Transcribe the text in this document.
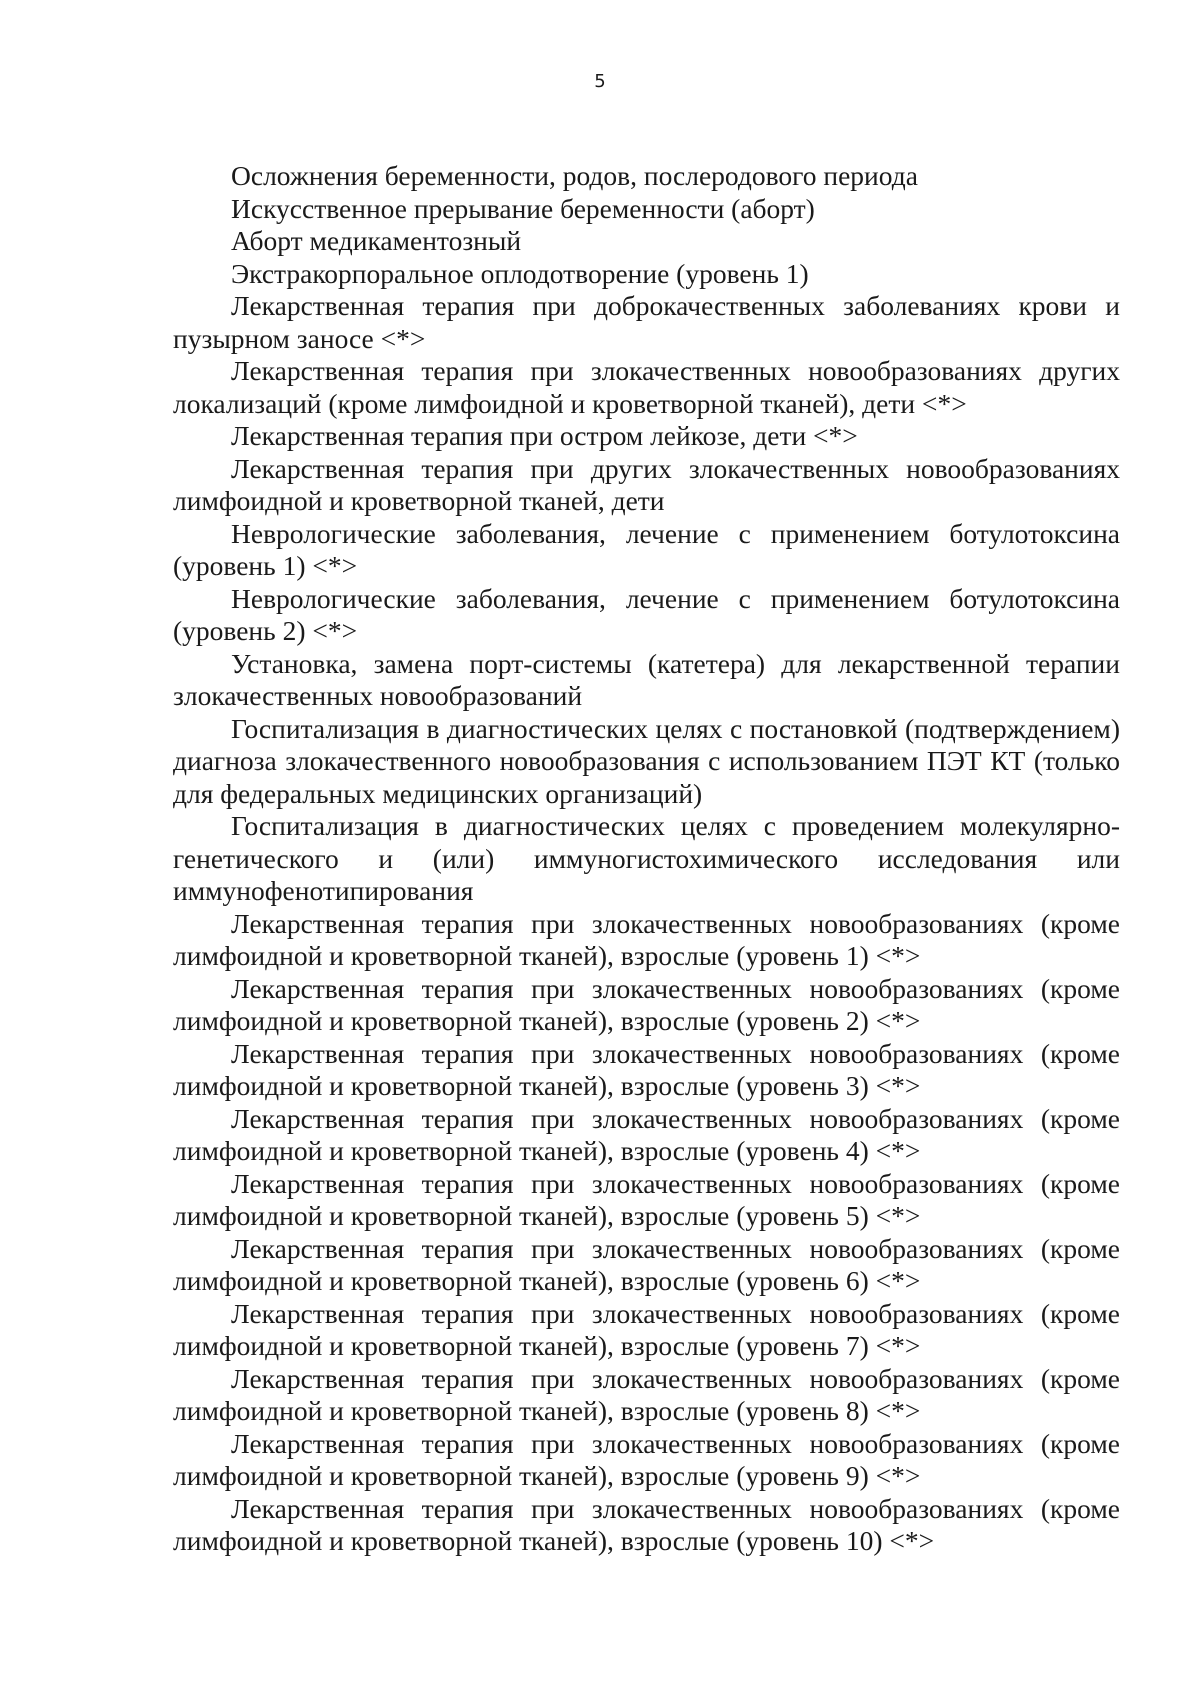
5

Осложнения беременности, родов, послеродового периода

Искусственное прерывание беременности (аборт)

Аборт медикаментозный

Экстракорпоральное оплодотворение (уровень 1)

Лекарственная терапия при доброкачественных заболеваниях крови и пузырном заносе <*>

Лекарственная терапия при злокачественных новообразованиях других локализаций (кроме лимфоидной и кроветворной тканей), дети <*>

Лекарственная терапия при остром лейкозе, дети <*>

Лекарственная терапия при других злокачественных новообразованиях лимфоидной и кроветворной тканей, дети

Неврологические заболевания, лечение с применением ботулотоксина (уровень 1) <*>

Неврологические заболевания, лечение с применением ботулотоксина (уровень 2) <*>

Установка, замена порт-системы (катетера) для лекарственной терапии злокачественных новообразований

Госпитализация в диагностических целях с постановкой (подтверждением) диагноза злокачественного новообразования с использованием ПЭТ КТ (только для федеральных медицинских организаций)

Госпитализация в диагностических целях с проведением молекулярно-генетического и (или) иммуногистохимического исследования или иммунофенотипирования

Лекарственная терапия при злокачественных новообразованиях (кроме лимфоидной и кроветворной тканей), взрослые (уровень 1) <*>

Лекарственная терапия при злокачественных новообразованиях (кроме лимфоидной и кроветворной тканей), взрослые (уровень 2) <*>

Лекарственная терапия при злокачественных новообразованиях (кроме лимфоидной и кроветворной тканей), взрослые (уровень 3) <*>

Лекарственная терапия при злокачественных новообразованиях (кроме лимфоидной и кроветворной тканей), взрослые (уровень 4) <*>

Лекарственная терапия при злокачественных новообразованиях (кроме лимфоидной и кроветворной тканей), взрослые (уровень 5) <*>

Лекарственная терапия при злокачественных новообразованиях (кроме лимфоидной и кроветворной тканей), взрослые (уровень 6) <*>

Лекарственная терапия при злокачественных новообразованиях (кроме лимфоидной и кроветворной тканей), взрослые (уровень 7) <*>

Лекарственная терапия при злокачественных новообразованиях (кроме лимфоидной и кроветворной тканей), взрослые (уровень 8) <*>

Лекарственная терапия при злокачественных новообразованиях (кроме лимфоидной и кроветворной тканей), взрослые (уровень 9) <*>

Лекарственная терапия при злокачественных новообразованиях (кроме лимфоидной и кроветворной тканей), взрослые (уровень 10) <*>
